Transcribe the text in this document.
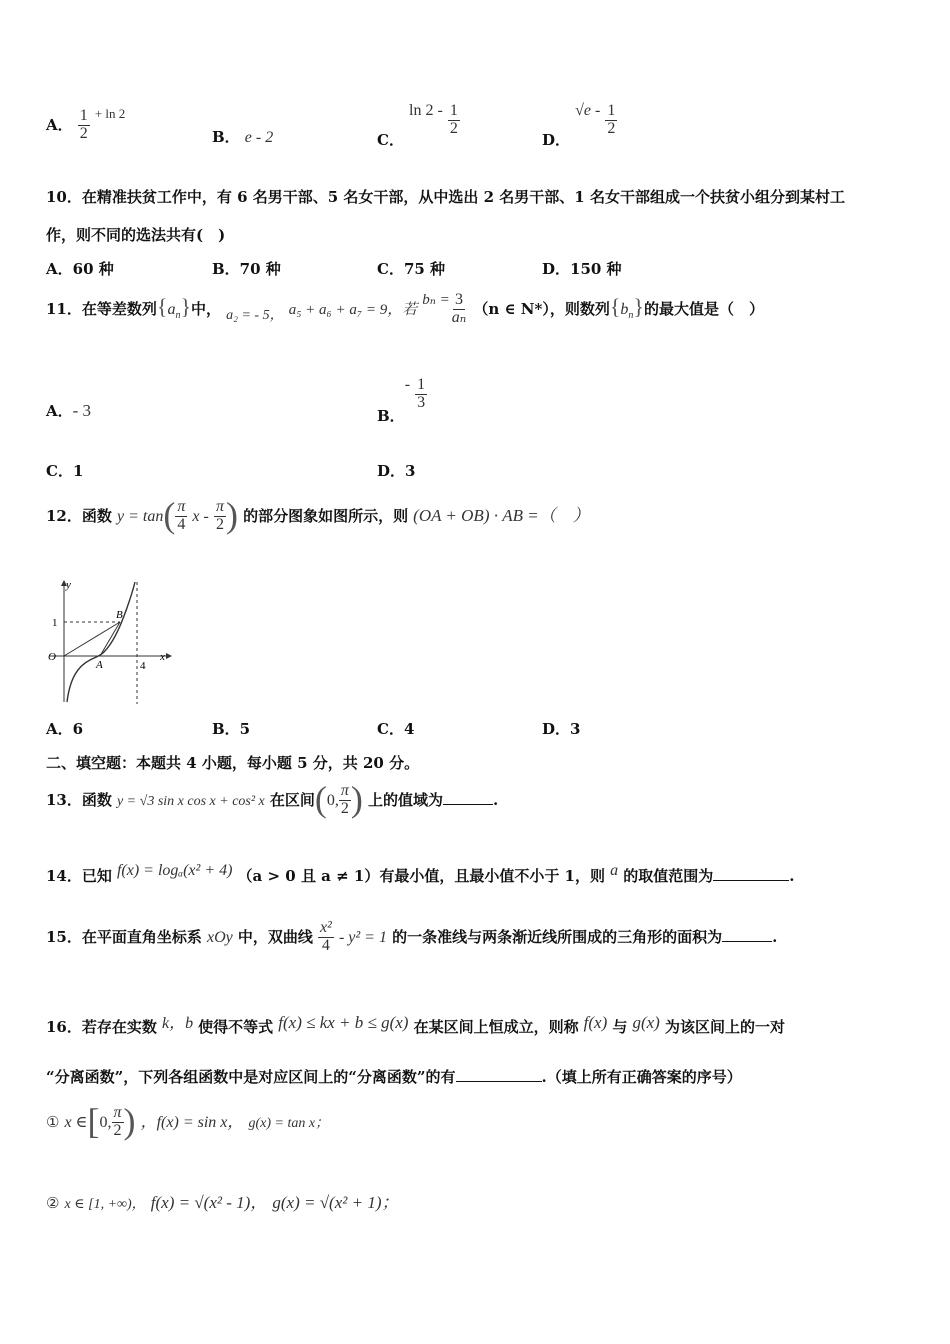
A． $\frac{1}{2} ^{+ ln 2}$
B． e - 2	C． $\ln 2 - \frac{1}{2}$
D． $√e - \frac{1}{2}$
10．在精准扶贫工作中，有 6 名男干部、5 名女干部，从中选出 2 名男干部、1 名女干部组成一个扶贫小组分到某村工
作，则不同的选法共有(　)
A．60 种	B．70 种	C．75 种	D．150 种
11．在等差数列$\{a_n\}$中， a₂ = - 5， a₅ + a₆ + a₇ = 9，若 $b_n = \frac{3}{\text{aₙ}} (n$ ∈ N*），则数列$\{b_n\}$的最大值是（　）
A．- 3	B．- $\frac{1}{3}$
C．1	D．3
12．函数 $y = \tan( \frac{\pi}{4}$ x - $\frac{\pi}{2}$ ) 的部分图象如图所示，则 (OA + OB) · AB =（　）
y
x
O
A
B
1
4
A．6	B．5	C．4	D．3
二、填空题：本题共 4 小题，每小题 5 分，共 20 分。
13．函数 y = √3 sin x cos x + cos² x 在区间(0, $\frac{\pi}{2}$ ) 上的值域为	.
14．已知 f(x) = logₐ(x² + 4) （a > 0 且 a ≠ 1）有最小值，且最小值不小于 1，则 a 的取值范围为	.
15．在平面直角坐标系 xOy 中，双曲线 $\frac{\text{x²}}{4} - y^2 = 1$ 的一条准线与两条渐近线所围成的三角形的面积为	.
16．若存在实数 k，b 使得不等式 f(x) ≤ kx + b ≤ g(x) 在某区间上恒成立，则称 f(x) 与 g(x) 为该区间上的一对
“分离函数”，下列各组函数中是对应区间上的“分离函数”的有	.（填上所有正确答案的序号）
① x ∈[0, $\frac{\pi}{2}$ ) ，f(x) = sin x， g(x) = tan x；
② x ∈ [1, +∞)， f(x) = √(x² - 1)， g(x) = √(x² + 1)；
